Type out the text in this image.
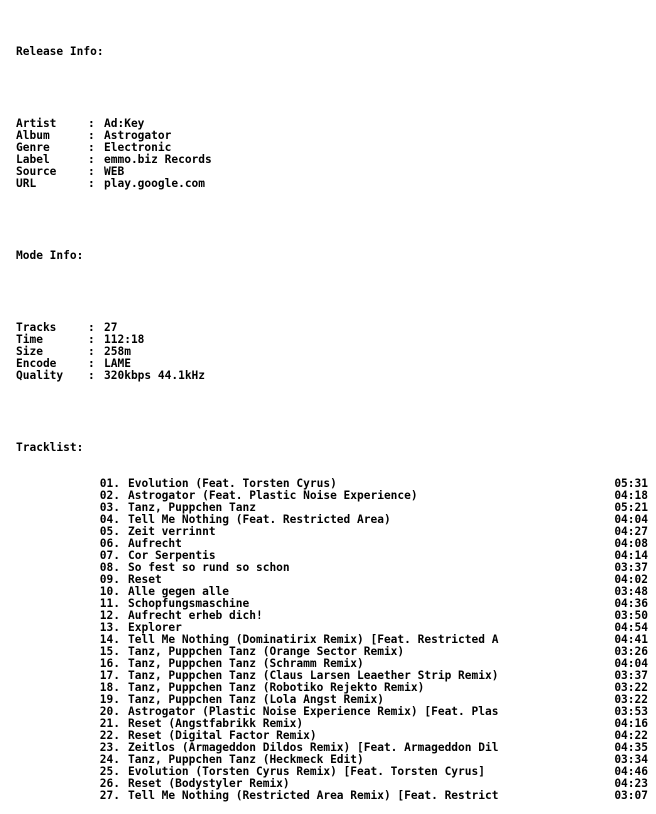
Release Info:

Artist	: Ad:Key
Album	: Astrogator
Genre	: Electronic
Label	: emmo.biz Records
Source	: WEB
URL	: play.google.com

Mode Info:

Tracks	: 27
Time	: 112:18
Size	: 258m
Encode	: LAME
Quality	: 320kbps 44.1kHz

Tracklist:

01. Evolution (Feat. Torsten Cyrus)	05:31
02. Astrogator (Feat. Plastic Noise Experience)	04:18
03. Tanz, Puppchen Tanz	05:21
04. Tell Me Nothing (Feat. Restricted Area)	04:04
05. Zeit verrinnt	04:27
06. Aufrecht	04:08
07. Cor Serpentis	04:14
08. So fest so rund so schon	03:37
09. Reset	04:02
10. Alle gegen alle	03:48
11. Schopfungsmaschine	04:36
12. Aufrecht erheb dich!	03:50
13. Explorer	04:54
14. Tell Me Nothing (Dominatirix Remix) [Feat. Restricted A	04:41
15. Tanz, Puppchen Tanz (Orange Sector Remix)	03:26
16. Tanz, Puppchen Tanz (Schramm Remix)	04:04
17. Tanz, Puppchen Tanz (Claus Larsen Leaether Strip Remix)	03:37
18. Tanz, Puppchen Tanz (Robotiko Rejekto Remix)	03:22
19. Tanz, Puppchen Tanz (Lola Angst Remix)	03:22
20. Astrogator (Plastic Noise Experience Remix) [Feat. Plas	03:53
21. Reset (Angstfabrikk Remix)	04:16
22. Reset (Digital Factor Remix)	04:22
23. Zeitlos (Armageddon Dildos Remix) [Feat. Armageddon Dil	04:35
24. Tanz, Puppchen Tanz (Heckmeck Edit)	03:34
25. Evolution (Torsten Cyrus Remix) [Feat. Torsten Cyrus]	04:46
26. Reset (Bodystyler Remix)	04:23
27. Tell Me Nothing (Restricted Area Remix) [Feat. Restrict	03:07
